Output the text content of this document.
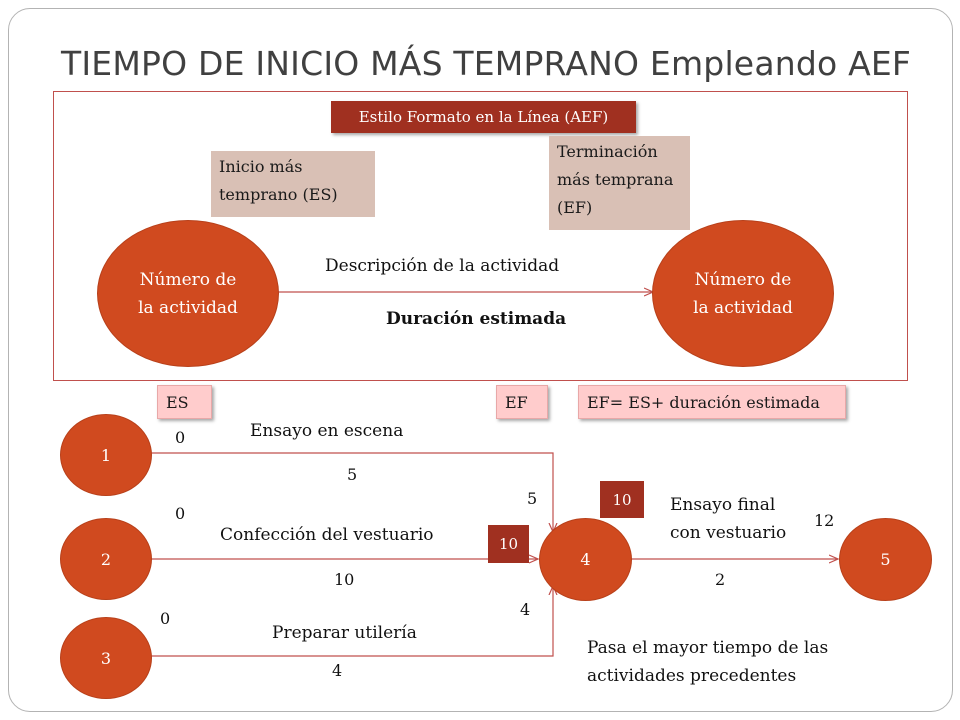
TIEMPO DE INICIO MÁS TEMPRANO Empleando AEF
Estilo Formato en la Línea (AEF)
Inicio más temprano (ES)
Terminación más temprana (EF)
Número de la actividad
Número de la actividad
Descripción de la actividad
Duración estimada
ES	EF	EF= ES+ duración estimada
1
2
3
4	5
0	Ensayo en escena
5
5
0
Confección del vestuario
10
10
0
Preparar utilería
4
4
10	Ensayo final
con vestuario
12
2
Pasa el mayor tiempo de las
actividades precedentes
